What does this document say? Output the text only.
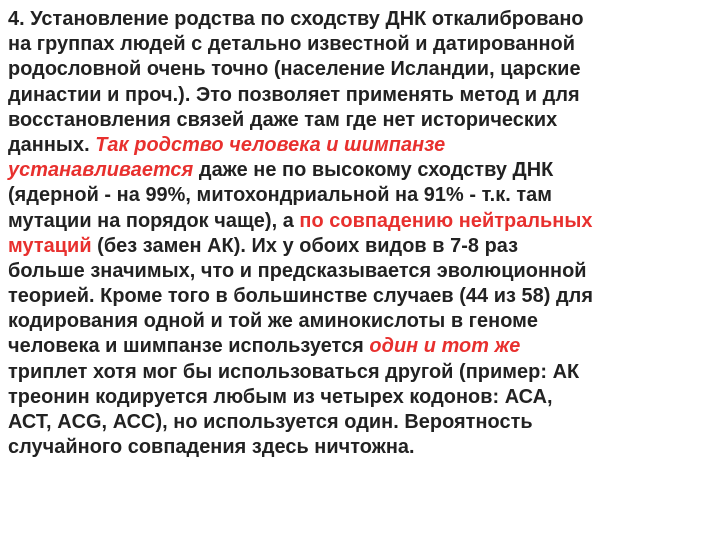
4. Установление родства по сходству ДНК откалибровано
на группах людей с детально известной и датированной
родословной очень точно (население Исландии, царские
династии и проч.). Это позволяет применять метод и для
восстановления связей даже там где нет исторических
данных. Так родство человека и шимпанзе
устанавливается даже не по высокому сходству ДНК
(ядерной - на 99%, митохондриальной на 91% - т.к. там
мутации на порядок чаще), а по совпадению нейтральных
мутаций (без замен АК). Их у обоих видов в 7-8 раз
больше значимых, что и предсказывается эволюционной
теорией. Кроме того в большинстве случаев (44 из 58) для
кодирования одной и той же аминокислоты в геноме
человека и шимпанзе используется один и тот же
триплет хотя мог бы использоваться другой (пример: АК
треонин кодируется любым из четырех кодонов: АСА,
АСТ, ACG, АСС), но используется один. Вероятность
случайного совпадения здесь ничтожна.
